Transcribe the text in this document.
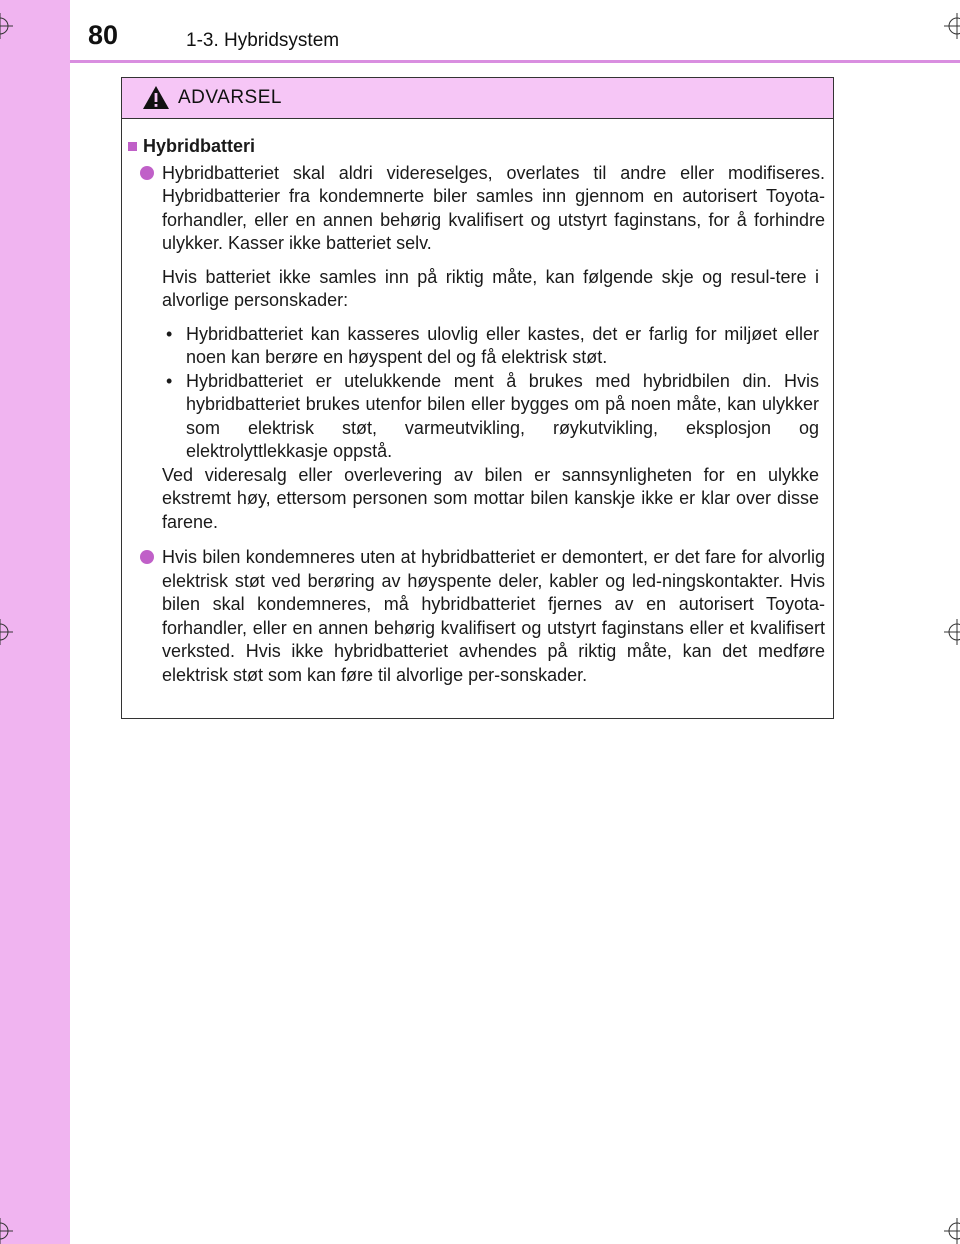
80	1-3. Hybridsystem
ADVARSEL
Hybridbatteri
Hybridbatteriet skal aldri videreselges, overlates til andre eller modifiseres. Hybridbatterier fra kondemnerte biler samles inn gjennom en autorisert Toyota-forhandler, eller en annen behørig kvalifisert og utstyrt faginstans, for å forhindre ulykker. Kasser ikke batteriet selv.
Hvis batteriet ikke samles inn på riktig måte, kan følgende skje og resul-tere i alvorlige personskader:
• Hybridbatteriet kan kasseres ulovlig eller kastes, det er farlig for miljøet eller noen kan berøre en høyspent del og få elektrisk støt.
• Hybridbatteriet er utelukkende ment å brukes med hybridbilen din. Hvis hybridbatteriet brukes utenfor bilen eller bygges om på noen måte, kan ulykker som elektrisk støt, varmeutvikling, røykutvikling, eksplosjon og elektrolyttlekkasje oppstå.
Ved videresalg eller overlevering av bilen er sannsynligheten for en ulykke ekstremt høy, ettersom personen som mottar bilen kanskje ikke er klar over disse farene.
Hvis bilen kondemneres uten at hybridbatteriet er demontert, er det fare for alvorlig elektrisk støt ved berøring av høyspente deler, kabler og led-ningskontakter. Hvis bilen skal kondemneres, må hybridbatteriet fjernes av en autorisert Toyota-forhandler, eller en annen behørig kvalifisert og utstyrt faginstans eller et kvalifisert verksted. Hvis ikke hybridbatteriet avhendes på riktig måte, kan det medføre elektrisk støt som kan føre til alvorlige per-sonskader.
